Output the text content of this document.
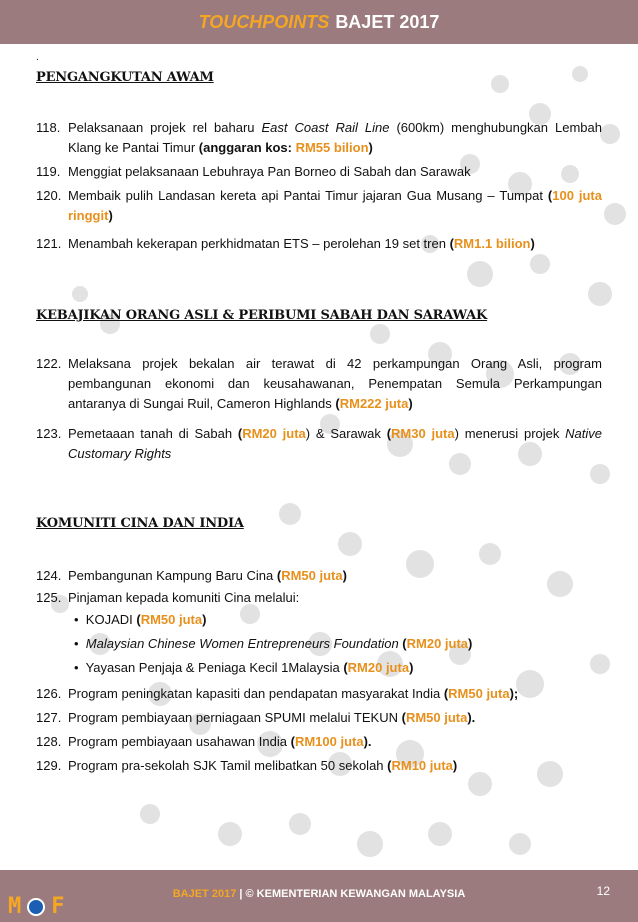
TOUCHPOINTS BAJET 2017
.
PENGANGKUTAN AWAM
118. Pelaksanaan projek rel baharu East Coast Rail Line (600km) menghubungkan Lembah Klang ke Pantai Timur (anggaran kos: RM55 bilion)
119. Menggiat pelaksanaan Lebuhraya Pan Borneo di Sabah dan Sarawak
120. Membaik pulih Landasan kereta api Pantai Timur jajaran Gua Musang – Tumpat (100 juta ringgit)
121. Menambah kekerapan perkhidmatan ETS – perolehan 19 set tren (RM1.1 bilion)
KEBAJIKAN ORANG ASLI & PERIBUMI SABAH DAN SARAWAK
122. Melaksana projek bekalan air terawat di 42 perkampungan Orang Asli, program pembangunan ekonomi dan keusahawanan, Penempatan Semula Perkampungan antaranya di Sungai Ruil, Cameron Highlands (RM222 juta)
123. Pemetaaan tanah di Sabah (RM20 juta) & Sarawak (RM30 juta) menerusi projek Native Customary Rights
KOMUNITI CINA DAN INDIA
124. Pembangunan Kampung Baru Cina (RM50 juta)
125. Pinjaman kepada komuniti Cina melalui:
• KOJADI (RM50 juta)
• Malaysian Chinese Women Entrepreneurs Foundation (RM20 juta)
• Yayasan Penjaja & Peniaga Kecil 1Malaysia (RM20 juta)
126. Program peningkatan kapasiti dan pendapatan masyarakat India (RM50 juta);
127. Program pembiayaan perniagaan SPUMI melalui TEKUN (RM50 juta).
128. Program pembiayaan usahawan India (RM100 juta).
129. Program pra-sekolah SJK Tamil melibatkan 50 sekolah (RM10 juta)
M F	BAJET 2017 | © KEMENTERIAN KEWANGAN MALAYSIA	12
